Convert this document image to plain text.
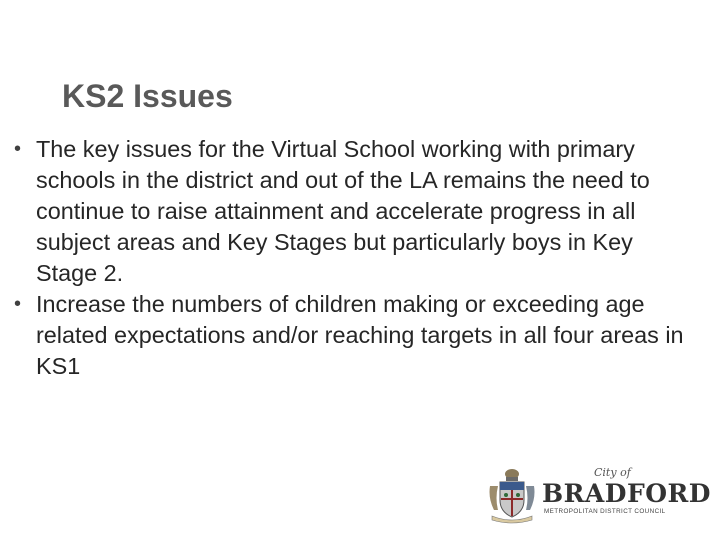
KS2 Issues
• The key issues for the Virtual School working with primary schools in the district and out of the LA remains the need to continue to raise attainment and accelerate progress in all subject areas and Key Stages but particularly boys in Key Stage 2.
• Increase the numbers of children making or exceeding age related expectations and/or reaching targets in all four areas in KS1
City of
BRADFORD
METROPOLITAN DISTRICT COUNCIL
